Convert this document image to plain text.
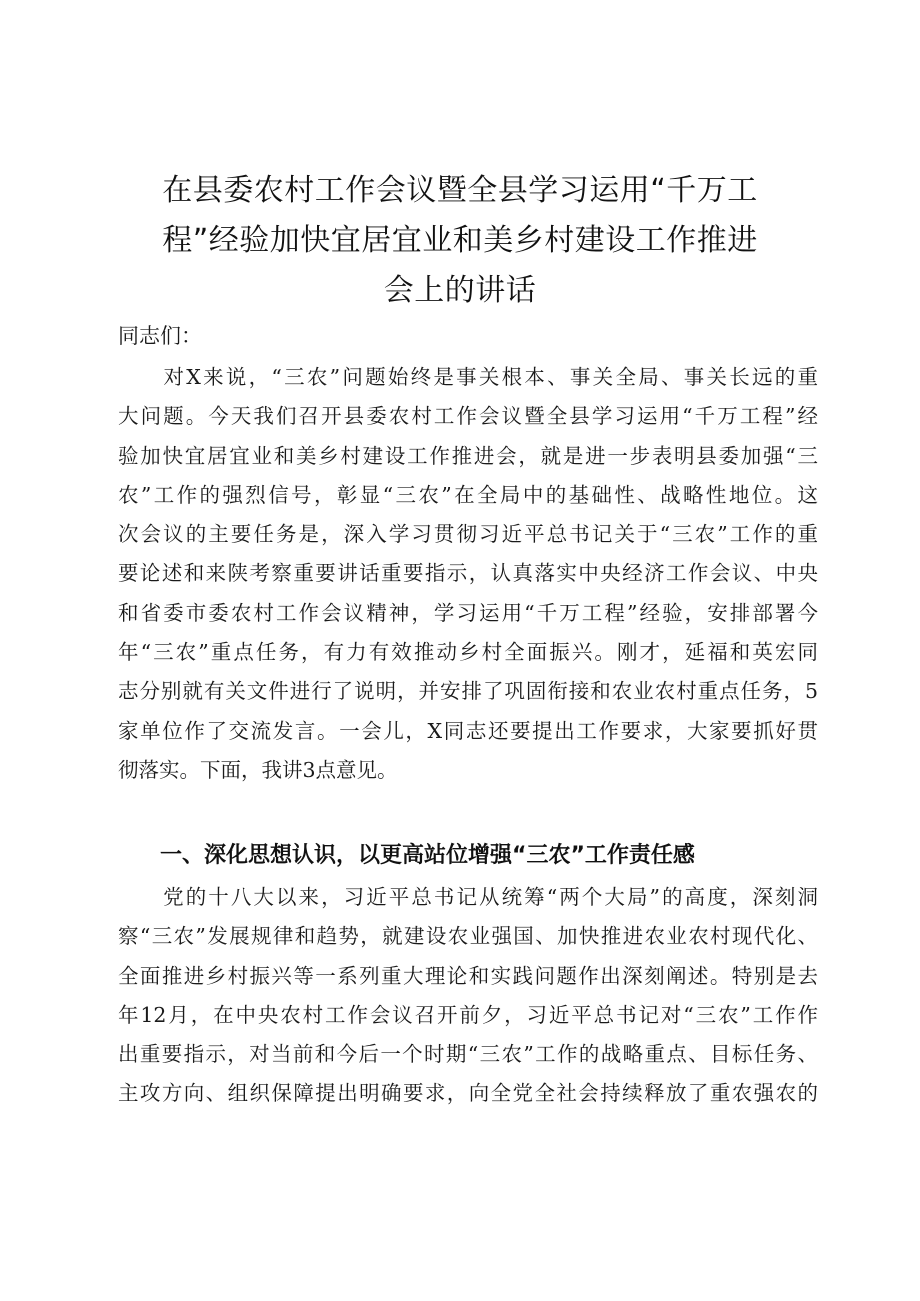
在县委农村工作会议暨全县学习运用“千万工
程”经验加快宜居宜业和美乡村建设工作推进
会上的讲话

同志们：

　　对X来说，“三农”问题始终是事关根本、事关全局、事关长远的重
大问题。今天我们召开县委农村工作会议暨全县学习运用“千万工程”经
验加快宜居宜业和美乡村建设工作推进会，就是进一步表明县委加强“三
农”工作的强烈信号，彰显“三农”在全局中的基础性、战略性地位。这
次会议的主要任务是，深入学习贯彻习近平总书记关于“三农”工作的重
要论述和来陕考察重要讲话重要指示，认真落实中央经济工作会议、中央
和省委市委农村工作会议精神，学习运用“千万工程”经验，安排部署今
年“三农”重点任务，有力有效推动乡村全面振兴。刚才，延福和英宏同
志分别就有关文件进行了说明，并安排了巩固衔接和农业农村重点任务，5
家单位作了交流发言。一会儿，X同志还要提出工作要求，大家要抓好贯
彻落实。下面，我讲3点意见。
一、深化思想认识，以更高站位增强“三农”工作责任感
　　党的十八大以来，习近平总书记从统筹“两个大局”的高度，深刻洞
察“三农”发展规律和趋势，就建设农业强国、加快推进农业农村现代化、
全面推进乡村振兴等一系列重大理论和实践问题作出深刻阐述。特别是去
年12月，在中央农村工作会议召开前夕，习近平总书记对“三农”工作作
出重要指示，对当前和今后一个时期“三农”工作的战略重点、目标任务、
主攻方向、组织保障提出明确要求，向全党全社会持续释放了重农强农的
